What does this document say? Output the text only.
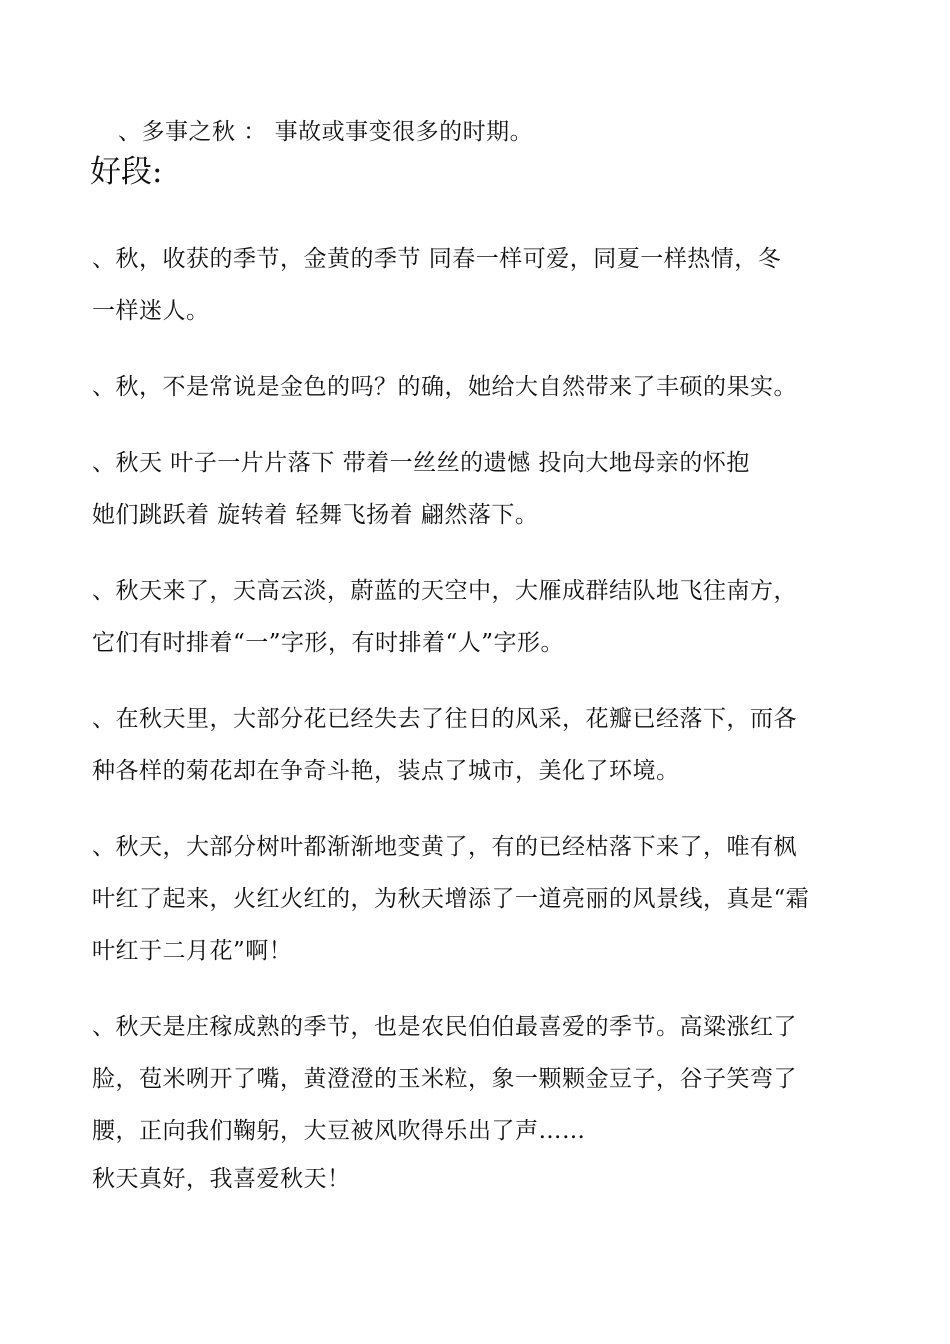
、多事之秋 ： 事故或事变很多的时期。
好段:
、秋，收获的季节，金黄的季节 同春一样可爱，同夏一样热情，冬
一样迷人。
、秋，不是常说是金色的吗？的确，她给大自然带来了丰硕的果实。
、秋天 叶子一片片落下 带着一丝丝的遗憾 投向大地母亲的怀抱
她们跳跃着 旋转着 轻舞飞扬着 翩然落下。
、秋天来了，天高云淡，蔚蓝的天空中，大雁成群结队地飞往南方，
它们有时排着“一”字形，有时排着“人”字形。
、在秋天里，大部分花已经失去了往日的风采，花瓣已经落下，而各
种各样的菊花却在争奇斗艳，装点了城市，美化了环境。
、秋天，大部分树叶都渐渐地变黄了，有的已经枯落下来了，唯有枫
叶红了起来，火红火红的，为秋天增添了一道亮丽的风景线，真是“霜
叶红于二月花”啊！
、秋天是庄稼成熟的季节，也是农民伯伯最喜爱的季节。高粱涨红了
脸，苞米咧开了嘴，黄澄澄的玉米粒，象一颗颗金豆子，谷子笑弯了
腰，正向我们鞠躬，大豆被风吹得乐出了声……
秋天真好，我喜爱秋天！
